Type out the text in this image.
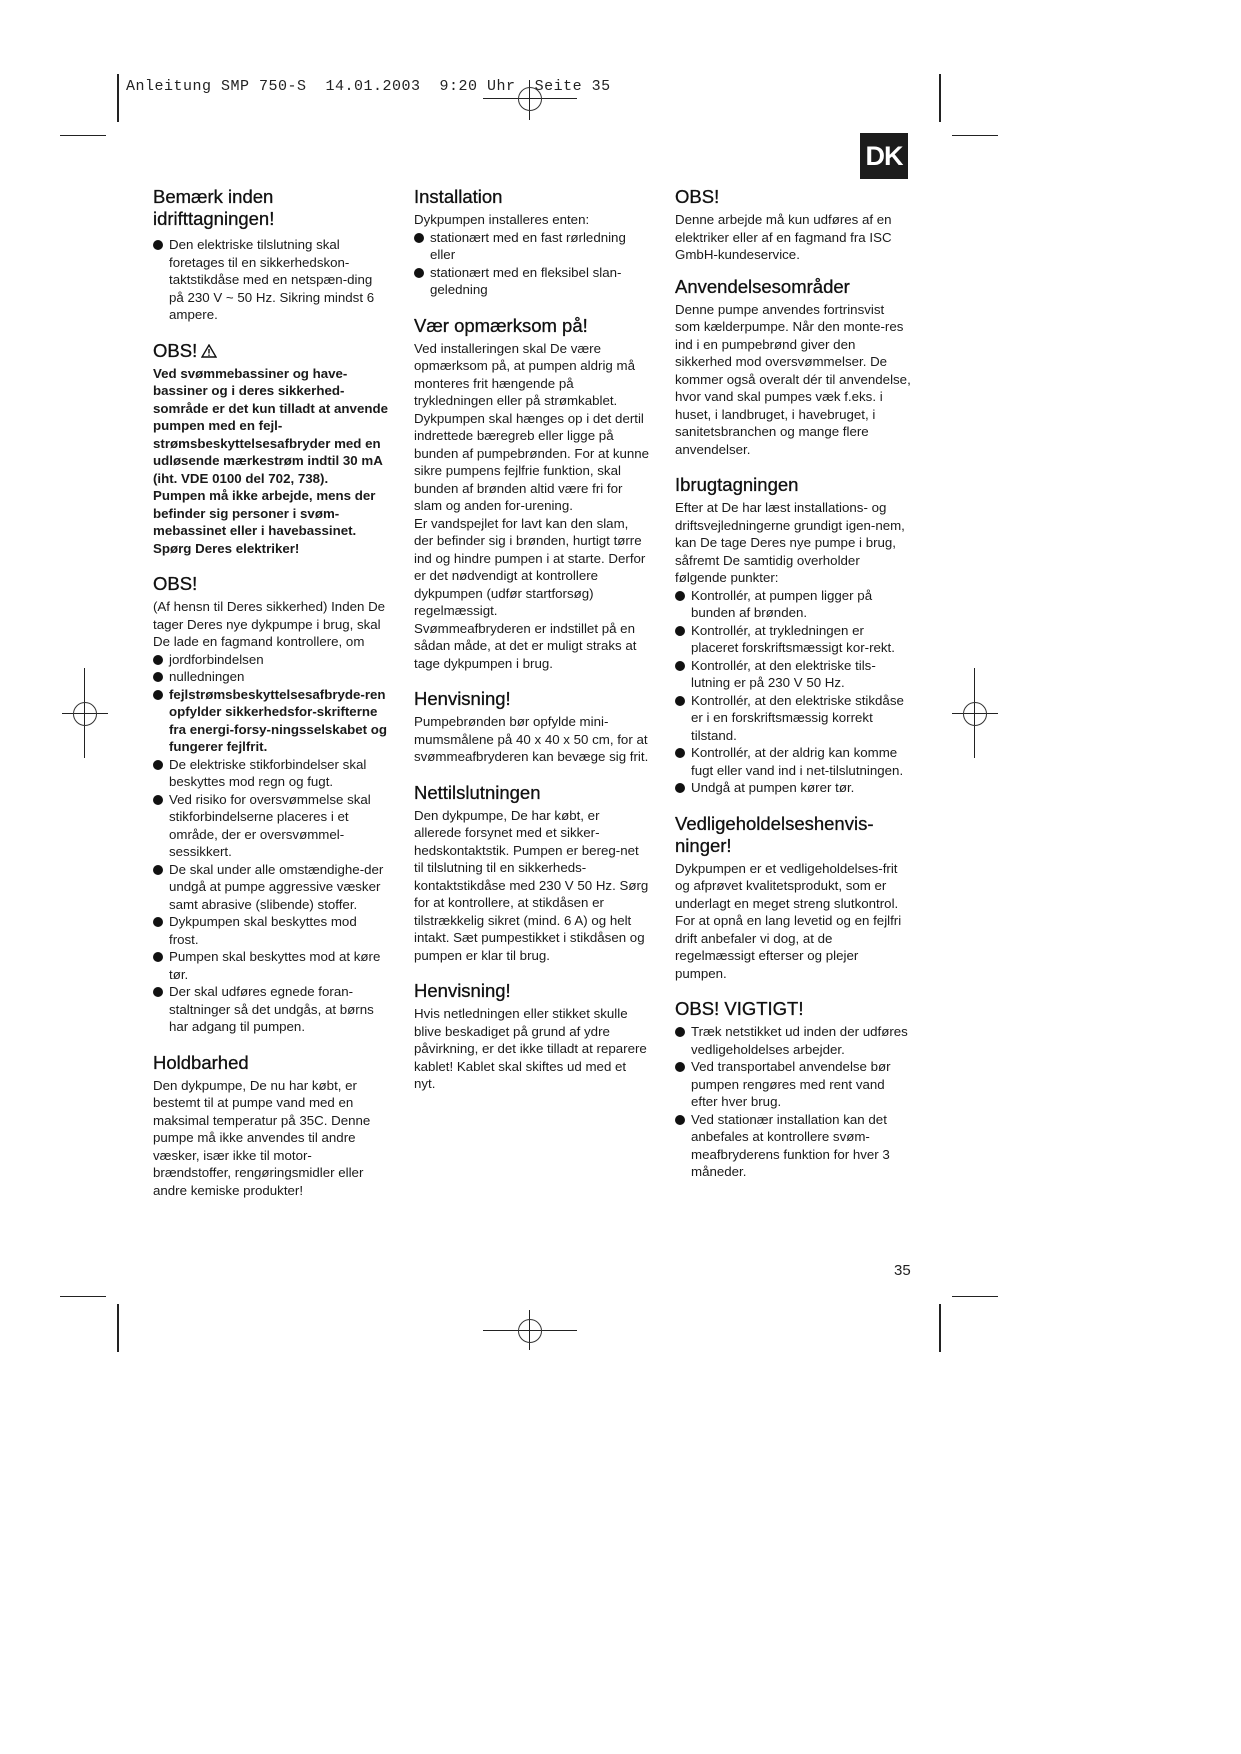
Anleitung SMP 750-S  14.01.2003  9:20 Uhr  Seite 35
DK
Bemærk inden idrifttagningen!
Den elektriske tilslutning skal foretages til en sikkerhedskon-taktstikdåse med en netspæn-ding på 230 V ~ 50 Hz. Sikring mindst 6 ampere.
OBS!

Ved svømmebassiner og have-bassiner og i deres sikkerhed-sområde er det kun tilladt at anvende pumpen med en fejl-strømsbeskyttelsesafbryder med en udløsende mærkestrøm indtil 30 mA (iht. VDE 0100 del 702, 738).

Pumpen må ikke arbejde, mens der befinder sig personer i svøm-mebassinet eller i havebassinet. Spørg Deres elektriker!

OBS!

(Af hensn til Deres sikkerhed) Inden De tager Deres nye dykpumpe i brug, skal De lade en fagmand kontrollere, om

jordforbindelsen
nulledningen
fejlstrømsbeskyttelsesafbryde-ren opfylder sikkerhedsfor-skrifterne fra energi-forsy-ningsselskabet og fungerer fejlfrit.
De elektriske stikforbindelser skal beskyttes mod regn og fugt.
Ved risiko for oversvømmelse skal stikforbindelserne placeres i et område, der er oversvømmel-sessikkert.
De skal under alle omstændighe-der undgå at pumpe aggressive væsker samt abrasive (slibende) stoffer.
Dykpumpen skal beskyttes mod frost.
Pumpen skal beskyttes mod at køre tør.
Der skal udføres egnede foran-staltninger så det undgås, at børns har adgang til pumpen.
Holdbarhed

Den dykpumpe, De nu har købt, er bestemt til at pumpe vand med en maksimal temperatur på 35C. Denne pumpe må ikke anvendes til andre væsker, især ikke til motor-brændstoffer, rengøringsmidler eller andre kemiske produkter!

Installation

Dykpumpen installeres enten:

stationært med en fast rørledning eller
stationært med en fleksibel slan-geledning
Vær opmærksom på!

Ved installeringen skal De være opmærksom på, at pumpen aldrig må monteres frit hængende på trykledningen eller på strømkablet. Dykpumpen skal hænges op i det dertil indrettede bæregreb eller ligge på bunden af pumpebrønden. For at kunne sikre pumpens fejlfrie funktion, skal bunden af brønden altid være fri for slam og anden for-urening.

Er vandspejlet for lavt kan den slam, der befinder sig i brønden, hurtigt tørre ind og hindre pumpen i at starte. Derfor er det nødvendigt at kontrollere dykpumpen (udfør startforsøg) regelmæssigt.

Svømmeafbryderen er indstillet på en sådan måde, at det er muligt straks at tage dykpumpen i brug.

Henvisning!

Pumpebrønden bør opfylde mini-mumsmålene på 40 x 40 x 50 cm, for at svømmeafbryderen kan bevæge sig frit.

Nettilslutningen

Den dykpumpe, De har købt, er allerede forsynet med et sikker-hedskontaktstik. Pumpen er bereg-net til tilslutning til en sikkerheds-kontaktstikdåse med 230 V 50 Hz. Sørg for at kontrollere, at stikdåsen er tilstrækkelig sikret (mind. 6 A) og helt intakt. Sæt pumpestikket i stikdåsen og pumpen er klar til brug.

Henvisning!

Hvis netledningen eller stikket skulle blive beskadiget på grund af ydre påvirkning, er det ikke tilladt at reparere kablet! Kablet skal skiftes ud med et nyt.

OBS!

Denne arbejde må kun udføres af en elektriker eller af en fagmand fra ISC GmbH-kundeservice.

Anvendelsesområder

Denne pumpe anvendes fortrinsvist som kælderpumpe. Når den monte-res ind i en pumpebrønd giver den sikkerhed mod oversvømmelser. De kommer også overalt dér til anvendelse, hvor vand skal pumpes væk f.eks. i huset, i landbruget, i havebruget, i sanitetsbranchen og mange flere anvendelser.

Ibrugtagningen

Efter at De har læst installations- og driftsvejledningerne grundigt igen-nem, kan De tage Deres nye pumpe i brug, såfremt De samtidig overholder følgende punkter:

Kontrollér, at pumpen ligger på bunden af brønden.
Kontrollér, at trykledningen er placeret forskriftsmæssigt kor-rekt.
Kontrollér, at den elektriske tils-lutning er på 230 V 50 Hz.
Kontrollér, at den elektriske stikdåse er i en forskriftsmæssig korrekt tilstand.
Kontrollér, at der aldrig kan komme fugt eller vand ind i net-tilslutningen.
Undgå at pumpen kører tør.
Vedligeholdelseshenvis-ninger!

Dykpumpen er et vedligeholdelses-frit og afprøvet kvalitetsprodukt, som er underlagt en meget streng slutkontrol.

For at opnå en lang levetid og en fejlfri drift anbefaler vi dog, at de regelmæssigt efterser og plejer pumpen.

OBS! VIGTIGT!
Træk netstikket ud inden der udføres vedligeholdelses arbejder.
Ved transportabel anvendelse bør pumpen rengøres med rent vand efter hver brug.
Ved stationær installation kan det anbefales at kontrollere svøm-meafbryderens funktion for hver 3 måneder.
35
